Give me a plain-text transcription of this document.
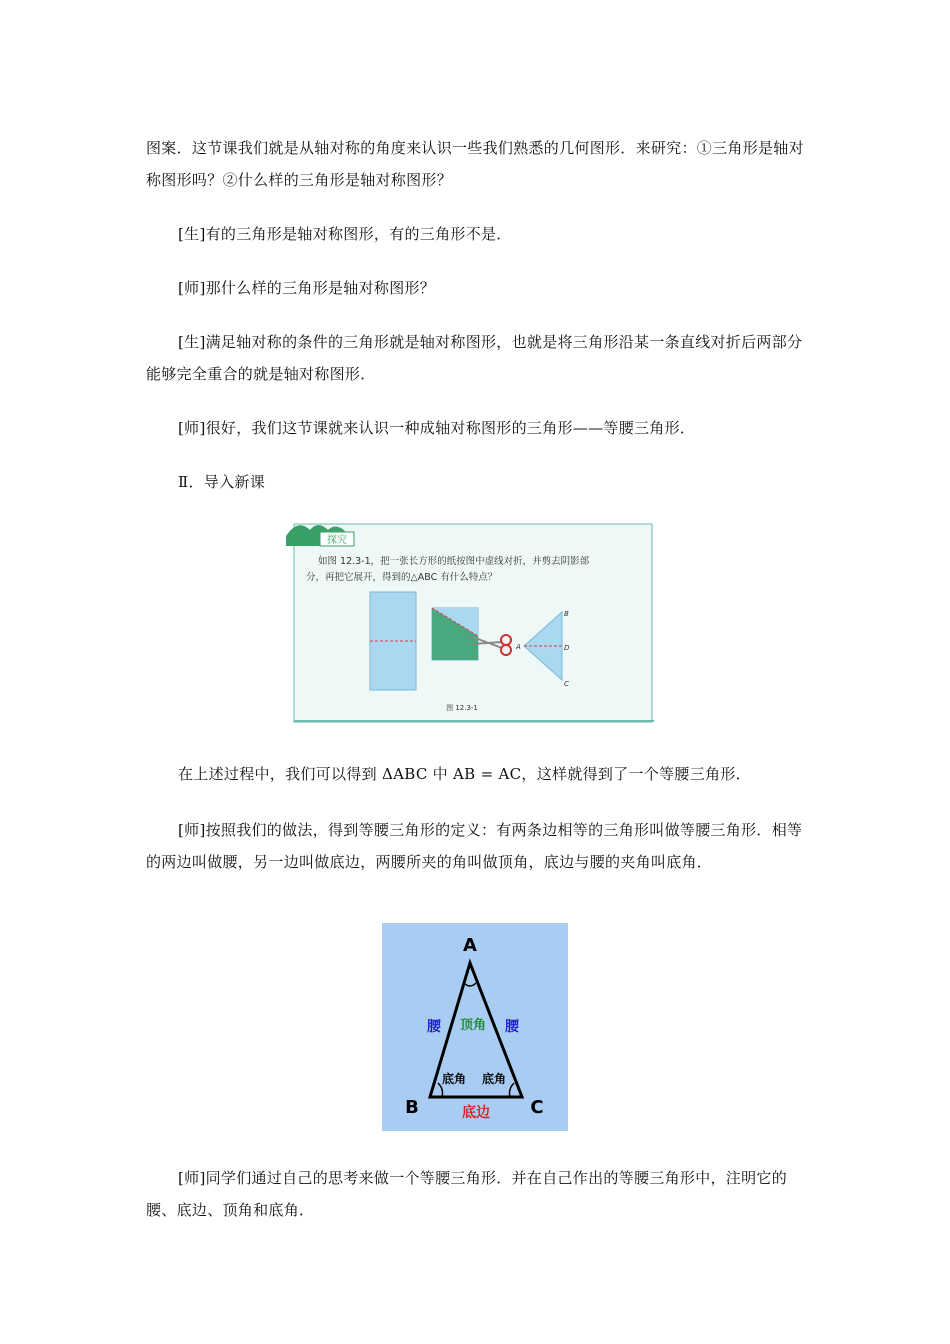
图案．这节课我们就是从轴对称的角度来认识一些我们熟悉的几何图形．来研究：①三角形是轴对称图形吗？②什么样的三角形是轴对称图形？

[生]有的三角形是轴对称图形，有的三角形不是．

[师]那什么样的三角形是轴对称图形？

[生]满足轴对称的条件的三角形就是轴对称图形，也就是将三角形沿某一条直线对折后两部分能够完全重合的就是轴对称图形．

[师]很好，我们这节课就来认识一种成轴对称图形的三角形——等腰三角形．

Ⅱ．导入新课

探究
如图 12.3-1，把一张长方形的纸按图中虚线对折，并剪去阴影部
分，再把它展开，得到的△ABC 有什么特点？
A
B
D
C
图 12.3-1

在上述过程中，我们可以得到 ΔABC 中 AB = AC，这样就得到了一个等腰三角形．

[师]按照我们的做法，得到等腰三角形的定义：有两条边相等的三角形叫做等腰三角形．相等的两边叫做腰，另一边叫做底边，两腰所夹的角叫做顶角，底边与腰的夹角叫底角．

A
B	C
腰	腰
顶角
底角 底角
底边

[师]同学们通过自己的思考来做一个等腰三角形．并在自己作出的等腰三角形中，注明它的腰、底边、顶角和底角．
